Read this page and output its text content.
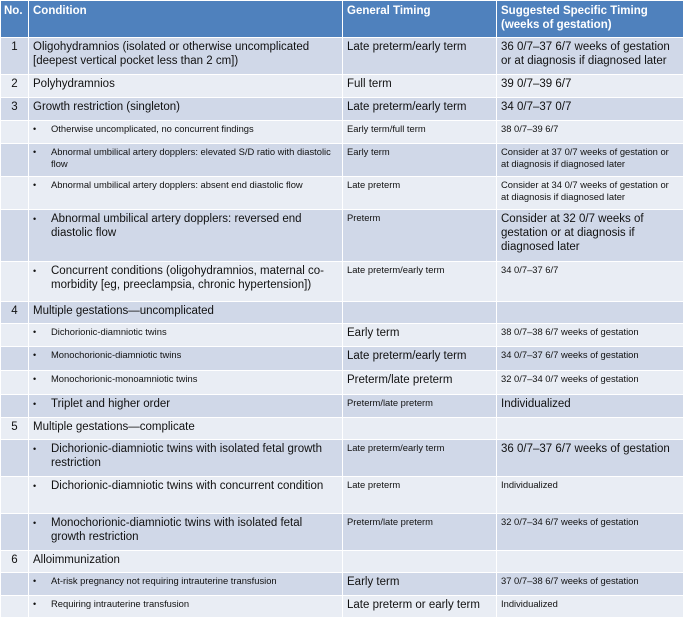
No.	Condition	General Timing	Suggested Specific Timing (weeks of gestation)
1	Oligohydramnios (isolated or otherwise uncomplicated [deepest vertical pocket less than 2 cm])	Late preterm/early term	36 0/7–37 6/7 weeks of gestation or at diagnosis if diagnosed later
2	Polyhydramnios	Full term	39 0/7–39 6/7
3	Growth restriction (singleton)	Late preterm/early term	34 0/7–37 0/7

	• Otherwise uncomplicated, no concurrent findings	Early term/full term	38 0/7–39 6/7

	• Abnormal umbilical artery dopplers: elevated S/D ratio with diastolic flow	Early term	Consider at 37 0/7 weeks of gestation or at diagnosis if diagnosed later

	• Abnormal umbilical artery dopplers: absent end diastolic flow	Late preterm	Consider at 34 0/7 weeks of gestation or at diagnosis if diagnosed later

	• Abnormal umbilical artery dopplers: reversed end diastolic flow	Preterm	Consider at 32 0/7 weeks of gestation or at diagnosis if diagnosed later

	• Concurrent conditions (oligohydramnios, maternal co-morbidity [eg, preeclampsia, chronic hypertension])	Late preterm/early term	34 0/7–37 6/7
4	Multiple gestations—uncomplicated		

	• Dichorionic-diamniotic twins	Early term	38 0/7–38 6/7 weeks of gestation

	• Monochorionic-diamniotic twins	Late preterm/early term	34 0/7–37 6/7 weeks of gestation

	• Monochorionic-monoamniotic twins	Preterm/late preterm	32 0/7–34 0/7 weeks of gestation

	• Triplet and higher order	Preterm/late preterm	Individualized
5	Multiple gestations—complicate		

	• Dichorionic-diamniotic twins with isolated fetal growth restriction	Late preterm/early term	36 0/7–37 6/7 weeks of gestation

	• Dichorionic-diamniotic twins with concurrent condition	Late preterm	Individualized

	• Monochorionic-diamniotic twins with isolated fetal growth restriction	Preterm/late preterm	32 0/7–34 6/7 weeks of gestation
6	Alloimmunization		

	• At-risk pregnancy not requiring intrauterine transfusion	Early term	37 0/7–38 6/7 weeks of gestation

	• Requiring intrauterine transfusion	Late preterm or early term	Individualized
